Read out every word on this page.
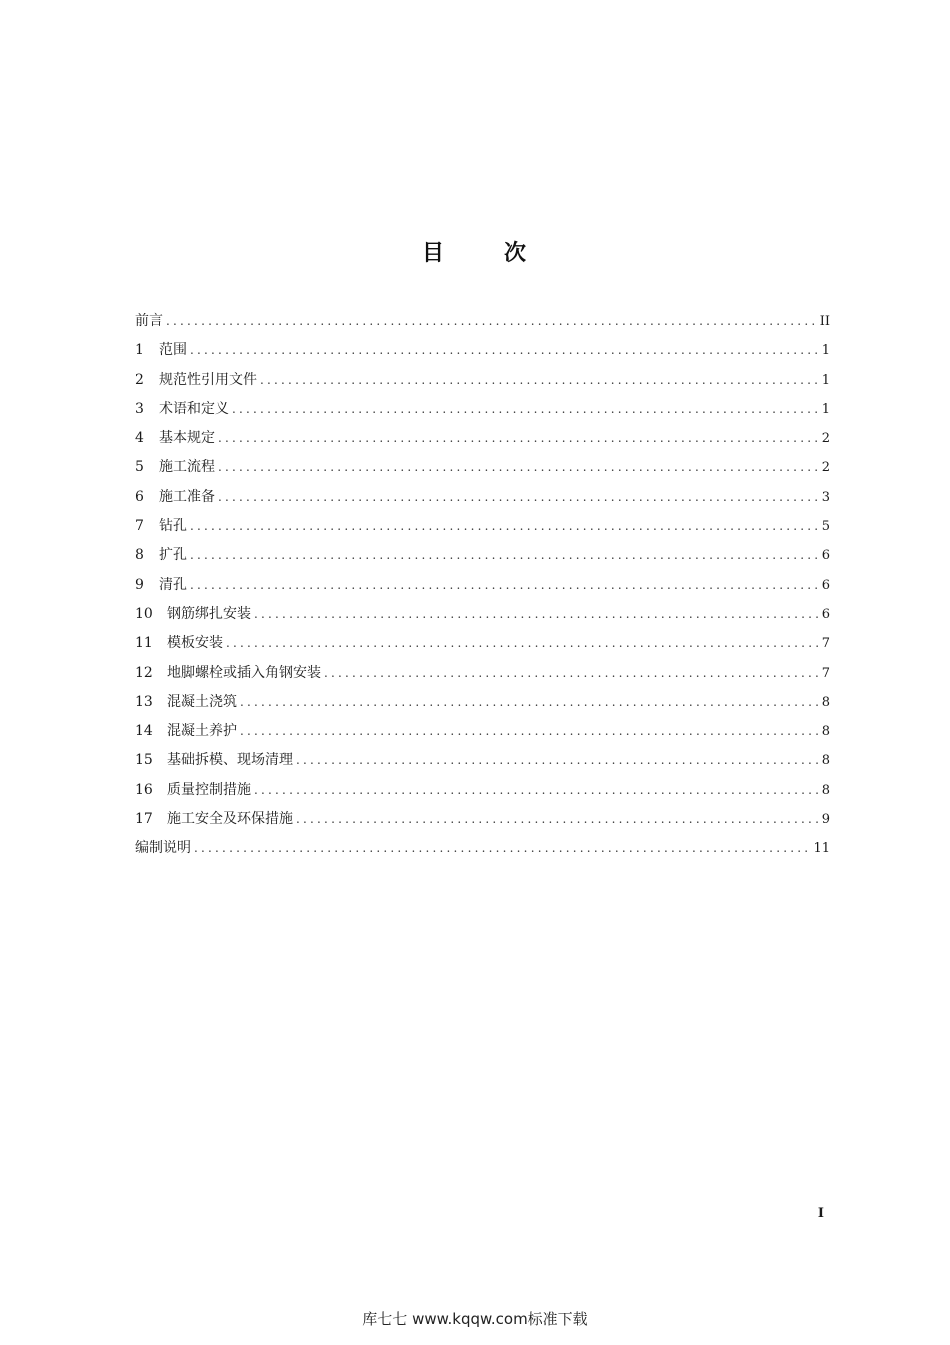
目	次
前言 .....	II
1	范围 .....	1
2	规范性引用文件 .....	1
3	术语和定义 .....	1
4	基本规定 .....	2
5	施工流程 .....	2
6	施工准备 .....	3
7	钻孔 .....	5
8	扩孔 .....	6
9	清孔 .....	6
10	钢筋绑扎安装 .....	6
11	模板安装 .....	7
12	地脚螺栓或插入角钢安装 .....	7
13	混凝土浇筑 .....	8
14	混凝土养护 .....	8
15	基础拆模、现场清理 .....	8
16	质量控制措施 .....	8
17	施工安全及环保措施 .....	9
编制说明 .....	11
I
库七七 www.kqqw.com标准下载
